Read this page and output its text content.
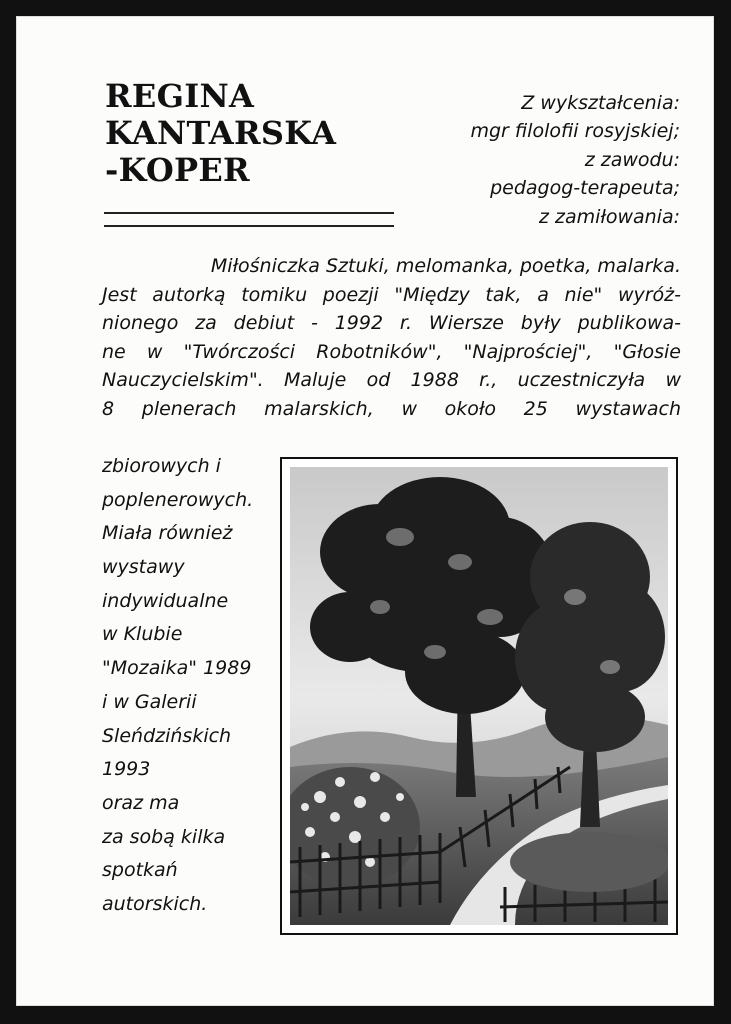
REGINA
KANTARSKA
-KOPER
Z wykształcenia:
mgr filolofii rosyjskiej;
z zawodu:
pedagog-terapeuta;
z zamiłowania:
Miłośniczka Sztuki, melomanka, poetka, malarka.
Jest autorką tomiku poezji "Między tak, a nie" wyróż-
nionego za debiut - 1992 r. Wiersze były publikowa-
ne w "Twórczości Robotników", "Najprościej", "Głosie
Nauczycielskim". Maluje od 1988 r., uczestniczyła w
8 plenerach malarskich, w około 25 wystawach
zbiorowych i
poplenerowych.
Miała również
wystawy
indywidualne
w Klubie
"Mozaika" 1989
i w Galerii
Sleńdzińskich
1993
oraz ma
za sobą kilka
spotkań
autorskich.
